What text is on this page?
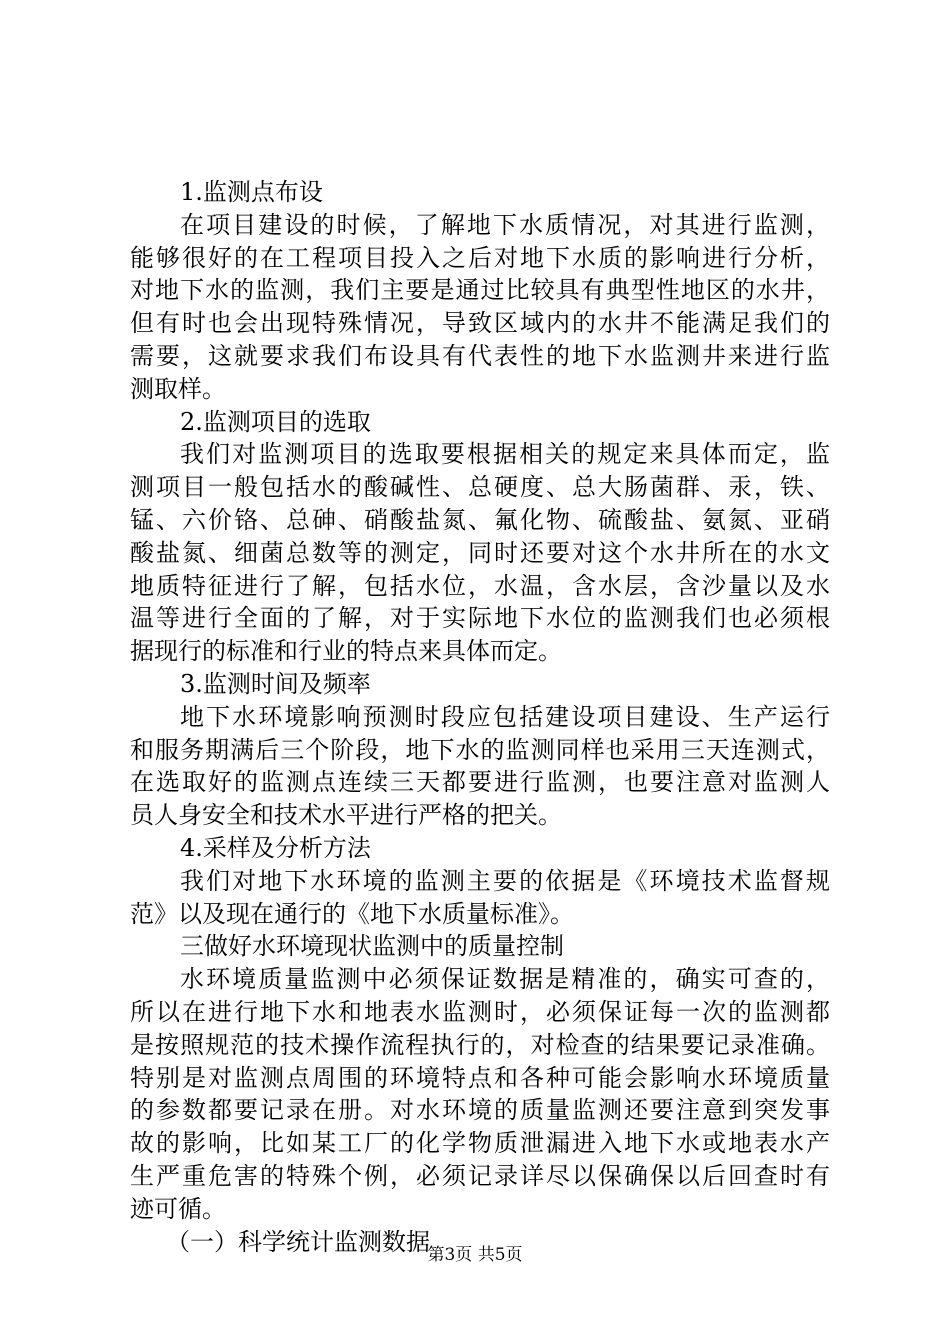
1.监测点布设
在项目建设的时候，了解地下水质情况，对其进行监测，
能够很好的在工程项目投入之后对地下水质的影响进行分析，
对地下水的监测，我们主要是通过比较具有典型性地区的水井，
但有时也会出现特殊情况，导致区域内的水井不能满足我们的
需要，这就要求我们布设具有代表性的地下水监测井来进行监
测取样。
2.监测项目的选取
我们对监测项目的选取要根据相关的规定来具体而定，监
测项目一般包括水的酸碱性、总硬度、总大肠菌群、汞，铁、
锰、六价铬、总砷、硝酸盐氮、氟化物、硫酸盐、氨氮、亚硝
酸盐氮、细菌总数等的测定，同时还要对这个水井所在的水文
地质特征进行了解，包括水位，水温，含水层，含沙量以及水
温等进行全面的了解，对于实际地下水位的监测我们也必须根
据现行的标准和行业的特点来具体而定。
3.监测时间及频率
地下水环境影响预测时段应包括建设项目建设、生产运行
和服务期满后三个阶段，地下水的监测同样也采用三天连测式，
在选取好的监测点连续三天都要进行监测，也要注意对监测人
员人身安全和技术水平进行严格的把关。
4.采样及分析方法
我们对地下水环境的监测主要的依据是《环境技术监督规
范》以及现在通行的《地下水质量标准》。
三做好水环境现状监测中的质量控制
水环境质量监测中必须保证数据是精准的，确实可查的，
所以在进行地下水和地表水监测时，必须保证每一次的监测都
是按照规范的技术操作流程执行的，对检查的结果要记录准确。
特别是对监测点周围的环境特点和各种可能会影响水环境质量
的参数都要记录在册。对水环境的质量监测还要注意到突发事
故的影响，比如某工厂的化学物质泄漏进入地下水或地表水产
生严重危害的特殊个例，必须记录详尽以保确保以后回查时有
迹可循。
（一）科学统计监测数据
第3页 共5页
